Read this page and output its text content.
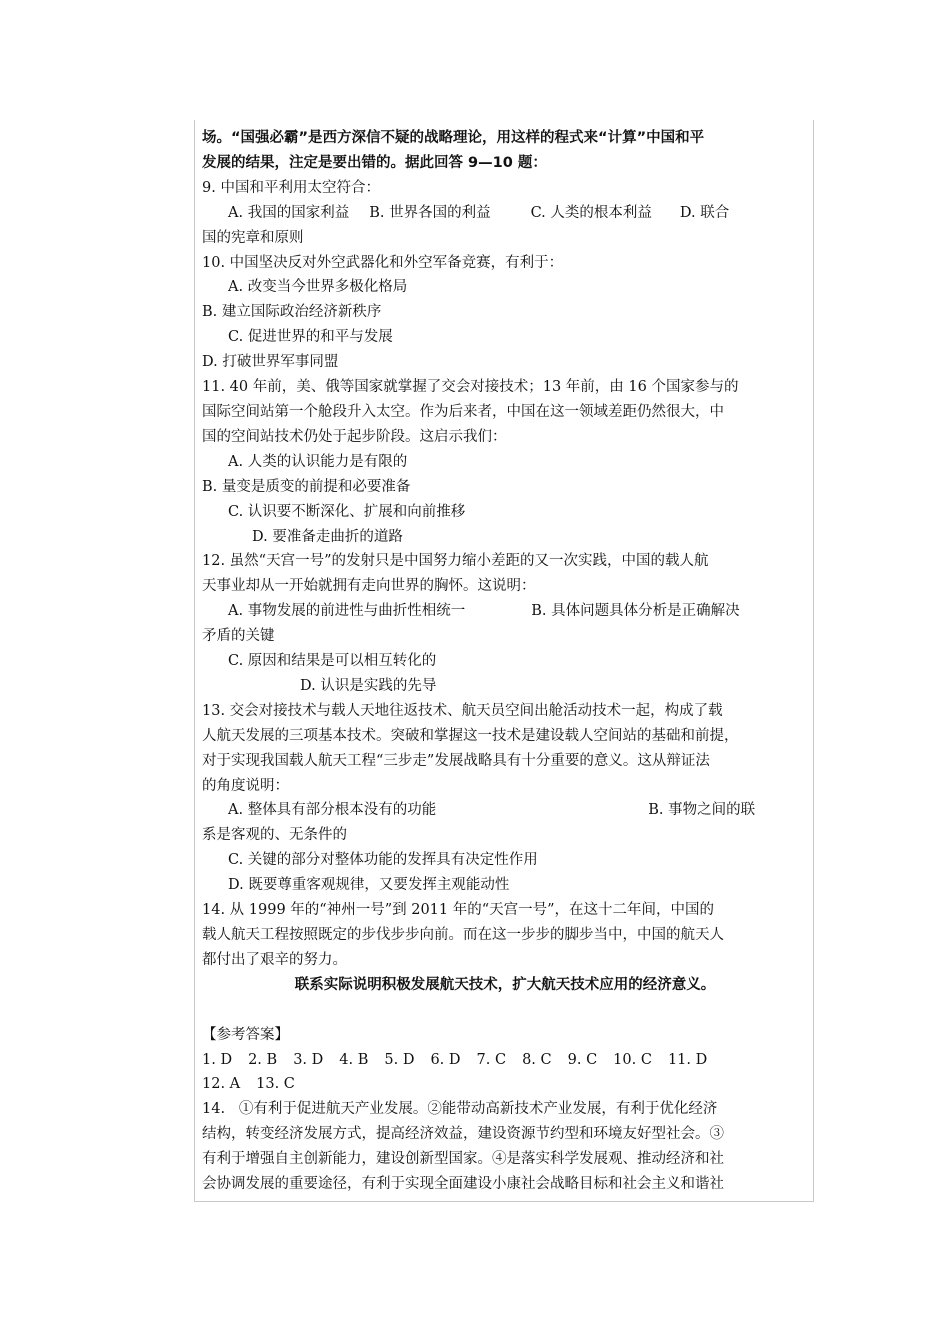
场。“国强必霸”是西方深信不疑的战略理论，用这样的程式来“计算”中国和平

发展的结果，注定是要出错的。据此回答 9—10 题：

9. 中国和平利用太空符合：

A. 我国的国家利益 B. 世界各国的利益	C. 人类的根本利益 D. 联合

国的宪章和原则

10. 中国坚决反对外空武器化和外空军备竞赛，有利于：

A. 改变当今世界多极化格局

B. 建立国际政治经济新秩序

C. 促进世界的和平与发展

D. 打破世界军事同盟

11. 40 年前，美、俄等国家就掌握了交会对接技术；13 年前，由 16 个国家参与的

国际空间站第一个舱段升入太空。作为后来者，中国在这一领域差距仍然很大，中

国的空间站技术仍处于起步阶段。这启示我们：

A. 人类的认识能力是有限的

B. 量变是质变的前提和必要准备

C. 认识要不断深化、扩展和向前推移

D. 要准备走曲折的道路

12. 虽然“天宫一号”的发射只是中国努力缩小差距的又一次实践，中国的载人航

天事业却从一开始就拥有走向世界的胸怀。这说明：

A. 事物发展的前进性与曲折性相统一	B. 具体问题具体分析是正确解决

矛盾的关键

C. 原因和结果是可以相互转化的

D. 认识是实践的先导

13. 交会对接技术与载人天地往返技术、航天员空间出舱活动技术一起，构成了载

人航天发展的三项基本技术。突破和掌握这一技术是建设载人空间站的基础和前提，

对于实现我国载人航天工程“三步走”发展战略具有十分重要的意义。这从辩证法

的角度说明：

A. 整体具有部分根本没有的功能	B. 事物之间的联

系是客观的、无条件的

C. 关键的部分对整体功能的发挥具有决定性作用

D. 既要尊重客观规律，又要发挥主观能动性

14. 从 1999 年的“神州一号”到 2011 年的“天宫一号”，在这十二年间，中国的

载人航天工程按照既定的步伐步步向前。而在这一步步的脚步当中，中国的航天人

都付出了艰辛的努力。

联系实际说明积极发展航天技术，扩大航天技术应用的经济意义。

【参考答案】

1. D 2. B 3. D 4. B 5. D 6. D 7. C 8. C 9. C 10. C 11. D

12. A 13. C

14.   ①有利于促进航天产业发展。②能带动高新技术产业发展，有利于优化经济

结构，转变经济发展方式，提高经济效益，建设资源节约型和环境友好型社会。③

有利于增强自主创新能力，建设创新型国家。④是落实科学发展观、推动经济和社

会协调发展的重要途径，有利于实现全面建设小康社会战略目标和社会主义和谐社
